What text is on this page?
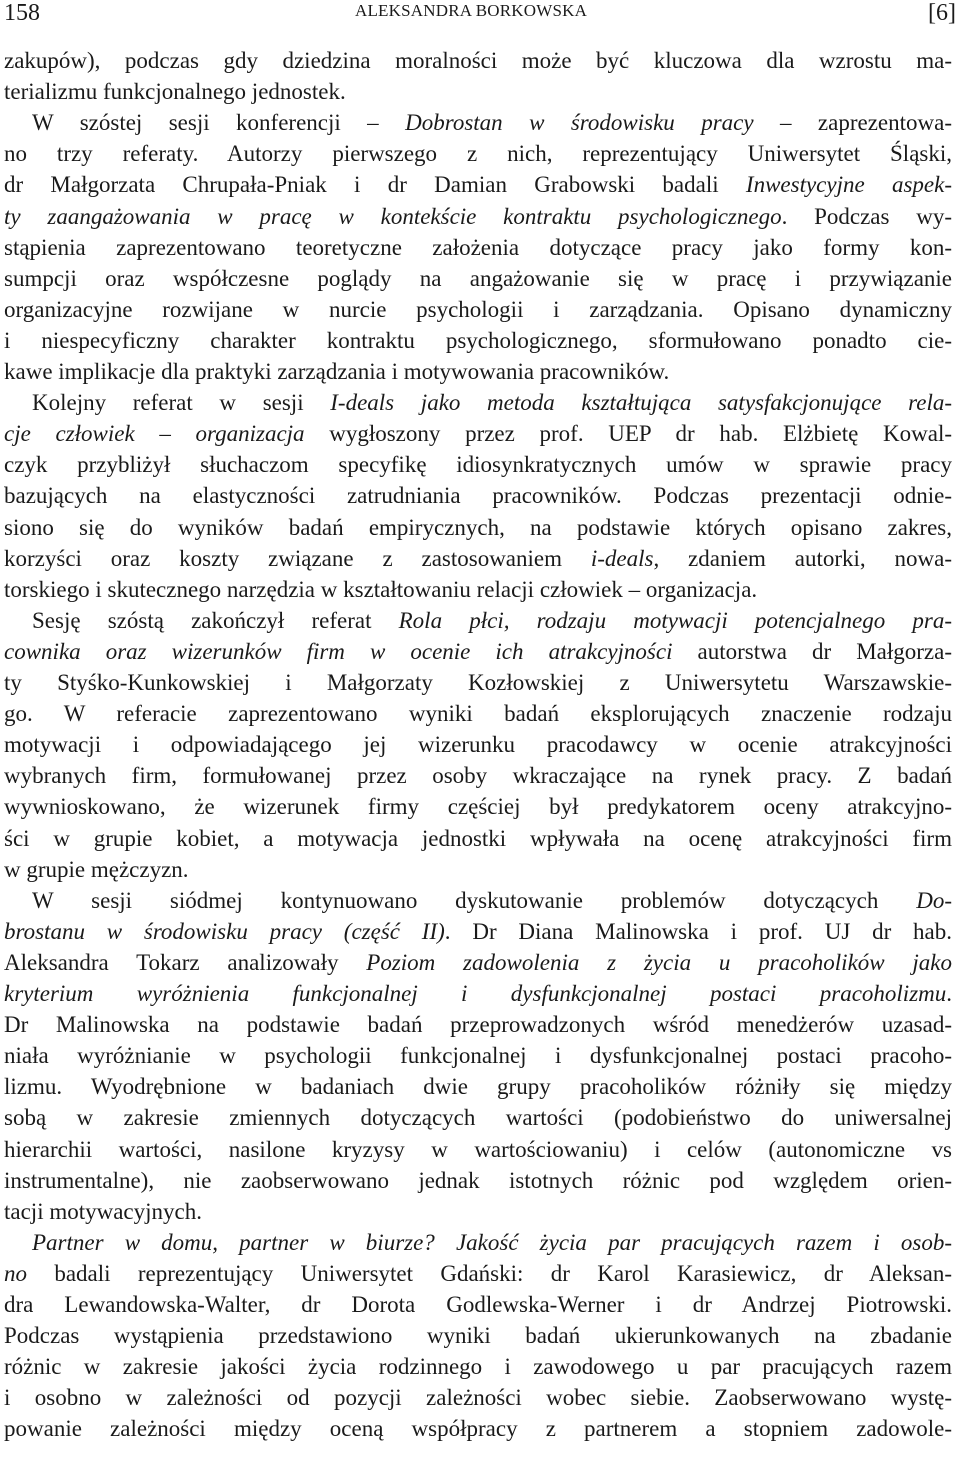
158	ALEKSANDRA BORKOWSKA	[6]
zakupów), podczas gdy dziedzina moralności może być kluczowa dla wzrostu ma-
terializmu funkcjonalnego jednostek.
W szóstej sesji konferencji – Dobrostan w środowisku pracy – zaprezentowa-
no trzy referaty. Autorzy pierwszego z nich, reprezentujący Uniwersytet Śląski,
dr Małgorzata Chrupała-Pniak i dr Damian Grabowski badali Inwestycyjne aspek-
ty zaangażowania w pracę w kontekście kontraktu psychologicznego. Podczas wy-
stąpienia zaprezentowano teoretyczne założenia dotyczące pracy jako formy kon-
sumpcji oraz współczesne poglądy na angażowanie się w pracę i przywiązanie
organizacyjne rozwijane w nurcie psychologii i zarządzania. Opisano dynamiczny
i niespecyficzny charakter kontraktu psychologicznego, sformułowano ponadto cie-
kawe implikacje dla praktyki zarządzania i motywowania pracowników.
Kolejny referat w sesji I-deals jako metoda kształtująca satysfakcjonujące rela-
cje człowiek – organizacja wygłoszony przez prof. UEP dr hab. Elżbietę Kowal-
czyk przybliżył słuchaczom specyfikę idiosynkratycznych umów w sprawie pracy
bazujących na elastyczności zatrudniania pracowników. Podczas prezentacji odnie-
siono się do wyników badań empirycznych, na podstawie których opisano zakres,
korzyści oraz koszty związane z zastosowaniem i-deals, zdaniem autorki, nowa-
torskiego i skutecznego narzędzia w kształtowaniu relacji człowiek – organizacja.
Sesję szóstą zakończył referat Rola płci, rodzaju motywacji potencjalnego pra-
cownika oraz wizerunków firm w ocenie ich atrakcyjności autorstwa dr Małgorza-
ty Styśko-Kunkowskiej i Małgorzaty Kozłowskiej z Uniwersytetu Warszawskie-
go. W referacie zaprezentowano wyniki badań eksplorujących znaczenie rodzaju
motywacji i odpowiadającego jej wizerunku pracodawcy w ocenie atrakcyjności
wybranych firm, formułowanej przez osoby wkraczające na rynek pracy. Z badań
wywnioskowano, że wizerunek firmy częściej był predykatorem oceny atrakcyjno-
ści w grupie kobiet, a motywacja jednostki wpływała na ocenę atrakcyjności firm
w grupie mężczyzn.
W sesji siódmej kontynuowano dyskutowanie problemów dotyczących Do-
brostanu w środowisku pracy (część II). Dr Diana Malinowska i prof. UJ dr hab.
Aleksandra Tokarz analizowały Poziom zadowolenia z życia u pracoholików jako
kryterium wyróżnienia funkcjonalnej i dysfunkcjonalnej postaci pracoholizmu.
Dr Malinowska na podstawie badań przeprowadzonych wśród menedżerów uzasad-
niała wyróżnianie w psychologii funkcjonalnej i dysfunkcjonalnej postaci pracoho-
lizmu. Wyodrębnione w badaniach dwie grupy pracoholików różniły się między
sobą w zakresie zmiennych dotyczących wartości (podobieństwo do uniwersalnej
hierarchii wartości, nasilone kryzysy w wartościowaniu) i celów (autonomiczne vs
instrumentalne), nie zaobserwowano jednak istotnych różnic pod względem orien-
tacji motywacyjnych.
Partner w domu, partner w biurze? Jakość życia par pracujących razem i osob-
no badali reprezentujący Uniwersytet Gdański: dr Karol Karasiewicz, dr Aleksan-
dra Lewandowska-Walter, dr Dorota Godlewska-Werner i dr Andrzej Piotrowski.
Podczas wystąpienia przedstawiono wyniki badań ukierunkowanych na zbadanie
różnic w zakresie jakości życia rodzinnego i zawodowego u par pracujących razem
i osobno w zależności od pozycji zależności wobec siebie. Zaobserwowano wystę-
powanie zależności między oceną współpracy z partnerem a stopniem zadowole-
